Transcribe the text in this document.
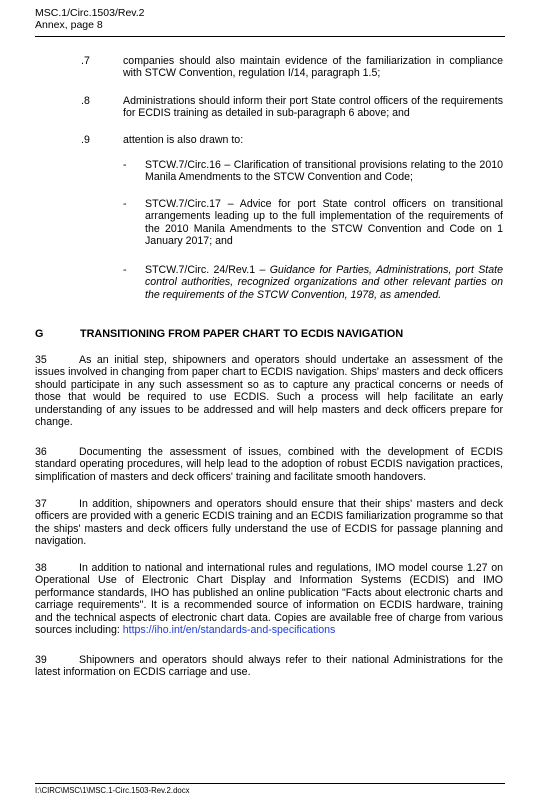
MSC.1/Circ.1503/Rev.2
Annex, page 8
.7	companies should also maintain evidence of the familiarization in compliance with STCW Convention, regulation I/14, paragraph 1.5;
.8	Administrations should inform their port State control officers of the requirements for ECDIS training as detailed in sub-paragraph 6 above; and
.9	attention is also drawn to:
- STCW.7/Circ.16 – Clarification of transitional provisions relating to the 2010 Manila Amendments to the STCW Convention and Code;
- STCW.7/Circ.17 – Advice for port State control officers on transitional arrangements leading up to the full implementation of the requirements of the 2010 Manila Amendments to the STCW Convention and Code on 1 January 2017; and
- STCW.7/Circ. 24/Rev.1 – Guidance for Parties, Administrations, port State control authorities, recognized organizations and other relevant parties on the requirements of the STCW Convention, 1978, as amended.
G	TRANSITIONING FROM PAPER CHART TO ECDIS NAVIGATION
35	As an initial step, shipowners and operators should undertake an assessment of the issues involved in changing from paper chart to ECDIS navigation. Ships' masters and deck officers should participate in any such assessment so as to capture any practical concerns or needs of those that would be required to use ECDIS. Such a process will help facilitate an early understanding of any issues to be addressed and will help masters and deck officers prepare for change.
36	Documenting the assessment of issues, combined with the development of ECDIS standard operating procedures, will help lead to the adoption of robust ECDIS navigation practices, simplification of masters and deck officers' training and facilitate smooth handovers.
37	In addition, shipowners and operators should ensure that their ships' masters and deck officers are provided with a generic ECDIS training and an ECDIS familiarization programme so that the ships' masters and deck officers fully understand the use of ECDIS for passage planning and navigation.
38	In addition to national and international rules and regulations, IMO model course 1.27 on Operational Use of Electronic Chart Display and Information Systems (ECDIS) and IMO performance standards, IHO has published an online publication "Facts about electronic charts and carriage requirements". It is a recommended source of information on ECDIS hardware, training and the technical aspects of electronic chart data. Copies are available free of charge from various sources including: https://iho.int/en/standards-and-specifications
39	Shipowners and operators should always refer to their national Administrations for the latest information on ECDIS carriage and use.
I:\CIRC\MSC\1\MSC.1-Circ.1503-Rev.2.docx
